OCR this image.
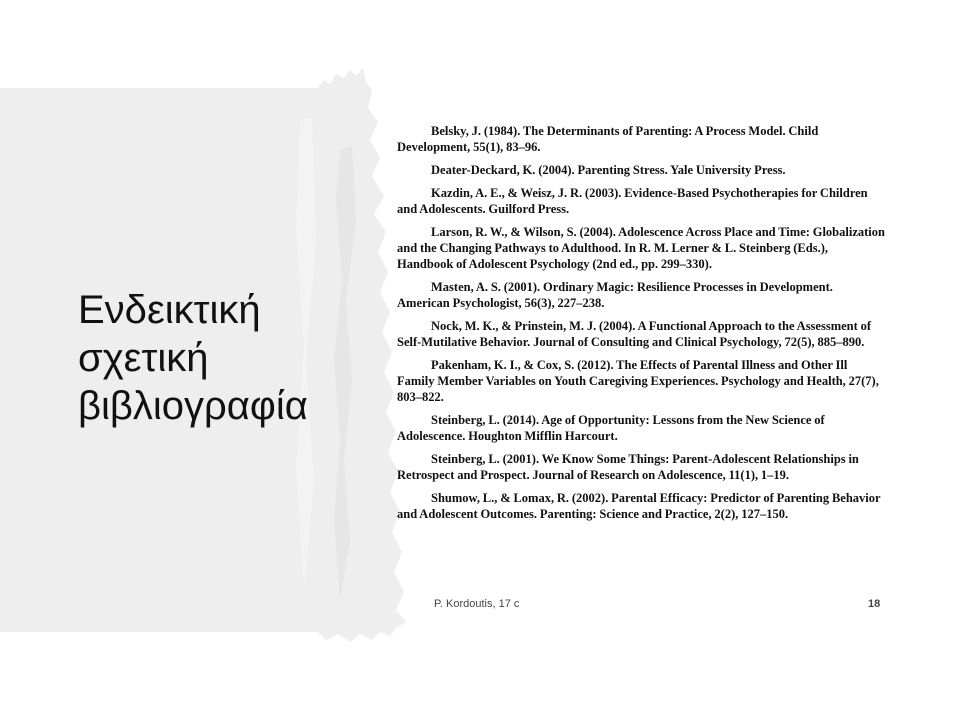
Ενδεικτική
σχετική
βιβλιογραφία
Belsky, J. (1984). The Determinants of Parenting: A Process Model. Child Development, 55(1), 83–96.
Deater-Deckard, K. (2004). Parenting Stress. Yale University Press.
Kazdin, A. E., & Weisz, J. R. (2003). Evidence-Based Psychotherapies for Children and Adolescents. Guilford Press.
Larson, R. W., & Wilson, S. (2004). Adolescence Across Place and Time: Globalization and the Changing Pathways to Adulthood. In R. M. Lerner & L. Steinberg (Eds.), Handbook of Adolescent Psychology (2nd ed., pp. 299–330).
Masten, A. S. (2001). Ordinary Magic: Resilience Processes in Development. American Psychologist, 56(3), 227–238.
Nock, M. K., & Prinstein, M. J. (2004). A Functional Approach to the Assessment of Self-Mutilative Behavior. Journal of Consulting and Clinical Psychology, 72(5), 885–890.
Pakenham, K. I., & Cox, S. (2012). The Effects of Parental Illness and Other Ill Family Member Variables on Youth Caregiving Experiences. Psychology and Health, 27(7), 803–822.
Steinberg, L. (2014). Age of Opportunity: Lessons from the New Science of Adolescence. Houghton Mifflin Harcourt.
Steinberg, L. (2001). We Know Some Things: Parent-Adolescent Relationships in Retrospect and Prospect. Journal of Research on Adolescence, 11(1), 1–19.
Shumow, L., & Lomax, R. (2002). Parental Efficacy: Predictor of Parenting Behavior and Adolescent Outcomes. Parenting: Science and Practice, 2(2), 127–150.
P. Kordoutis, 17 c	18
